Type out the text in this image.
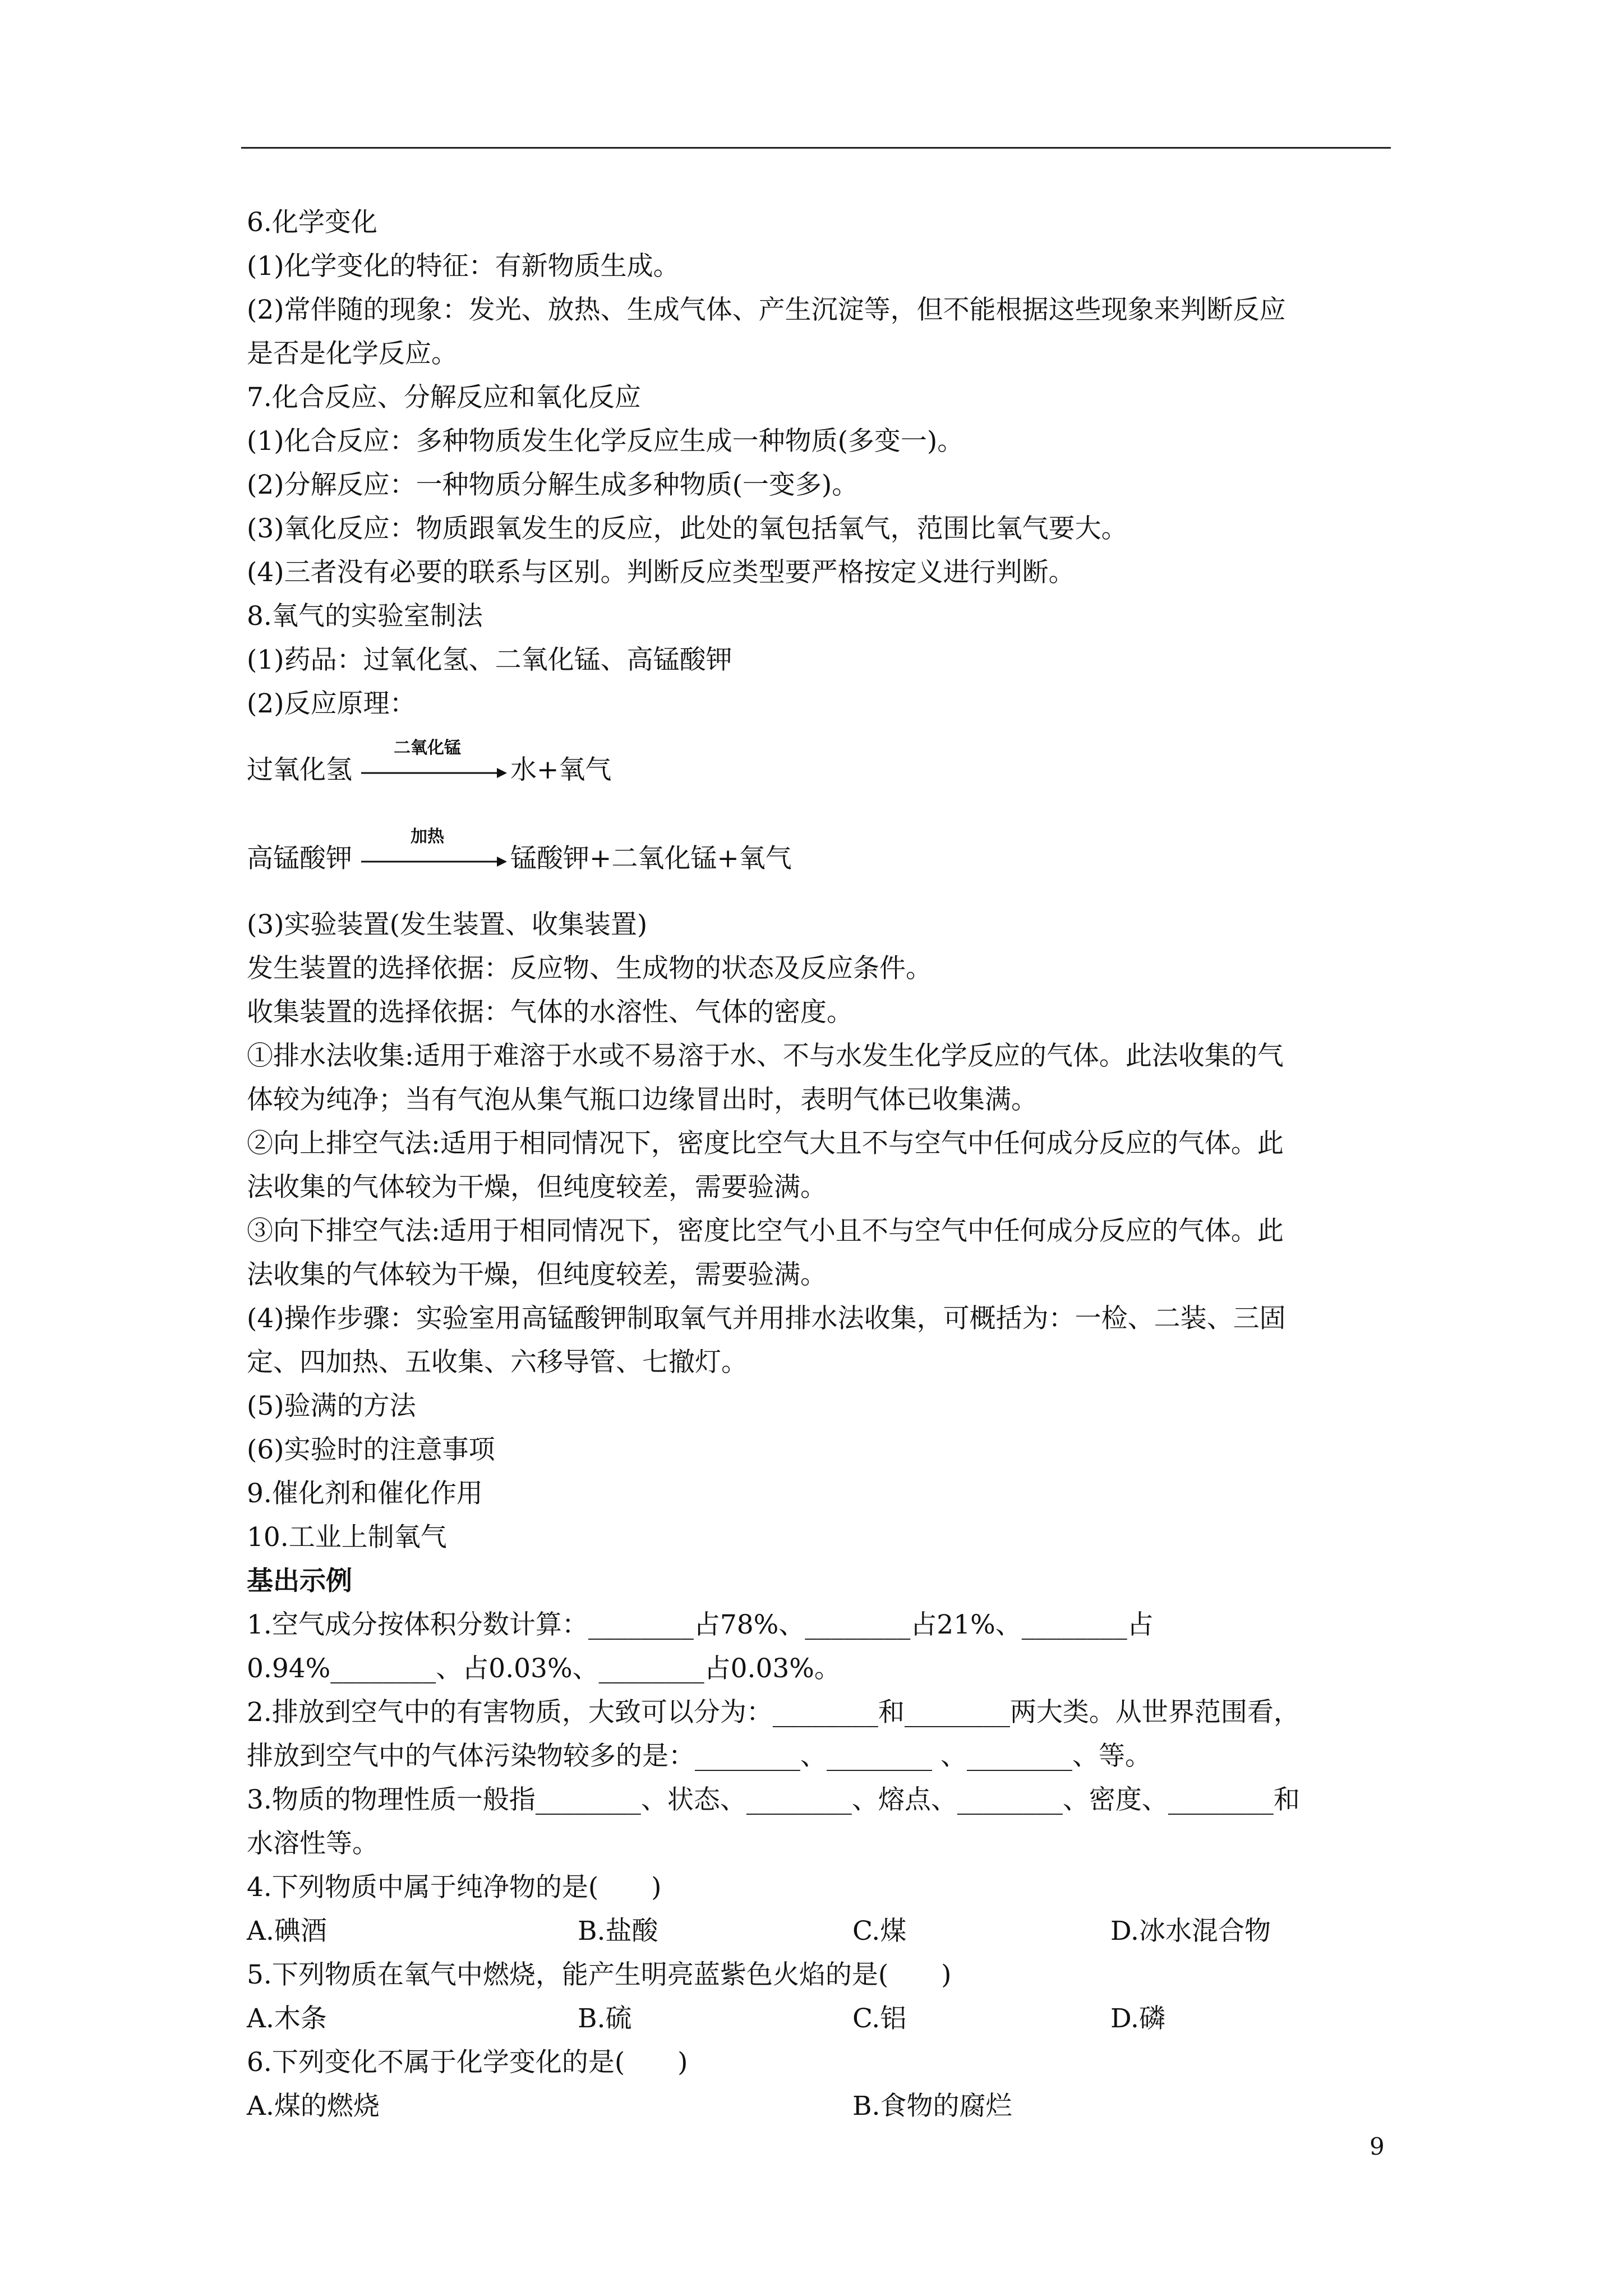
6.化学变化
(1)化学变化的特征：有新物质生成。
(2)常伴随的现象：发光、放热、生成气体、产生沉淀等，但不能根据这些现象来判断反应
是否是化学反应。
7.化合反应、分解反应和氧化反应
(1)化合反应：多种物质发生化学反应生成一种物质(多变一)。
(2)分解反应：一种物质分解生成多种物质(一变多)。
(3)氧化反应：物质跟氧发生的反应，此处的氧包括氧气，范围比氧气要大。
(4)三者没有必要的联系与区别。判断反应类型要严格按定义进行判断。
8.氧气的实验室制法
(1)药品：过氧化氢、二氧化锰、高锰酸钾
(2)反应原理：
过氧化氢
二氧化锰
水+氧气
高锰酸钾
加热
锰酸钾+二氧化锰+氧气
(3)实验装置(发生装置、收集装置)
发生装置的选择依据：反应物、生成物的状态及反应条件。
收集装置的选择依据：气体的水溶性、气体的密度。
①排水法收集:适用于难溶于水或不易溶于水、不与水发生化学反应的气体。此法收集的气
体较为纯净；当有气泡从集气瓶口边缘冒出时，表明气体已收集满。
②向上排空气法:适用于相同情况下，密度比空气大且不与空气中任何成分反应的气体。此
法收集的气体较为干燥，但纯度较差，需要验满。
③向下排空气法:适用于相同情况下，密度比空气小且不与空气中任何成分反应的气体。此
法收集的气体较为干燥，但纯度较差，需要验满。
(4)操作步骤：实验室用高锰酸钾制取氧气并用排水法收集，可概括为：一检、二装、三固
定、四加热、五收集、六移导管、七撤灯。
(5)验满的方法
(6)实验时的注意事项
9.催化剂和催化作用
10.工业上制氧气
基出示例
1.空气成分按体积分数计算：________占78%、________占21%、________占
0.94%________、占0.03%、________占0.03%。
2.排放到空气中的有害物质，大致可以分为：________和________两大类。从世界范围看，
排放到空气中的气体污染物较多的是：________、________ 、________、等。
3.物质的物理性质一般指________、状态、________、熔点、________、密度、________和
水溶性等。
4.下列物质中属于纯净物的是(　　)
A.碘酒	B.盐酸	C.煤	D.冰水混合物
5.下列物质在氧气中燃烧，能产生明亮蓝紫色火焰的是(　　)
A.木条	B.硫	C.铝	D.磷
6.下列变化不属于化学变化的是(　　)
A.煤的燃烧	B.食物的腐烂
9
